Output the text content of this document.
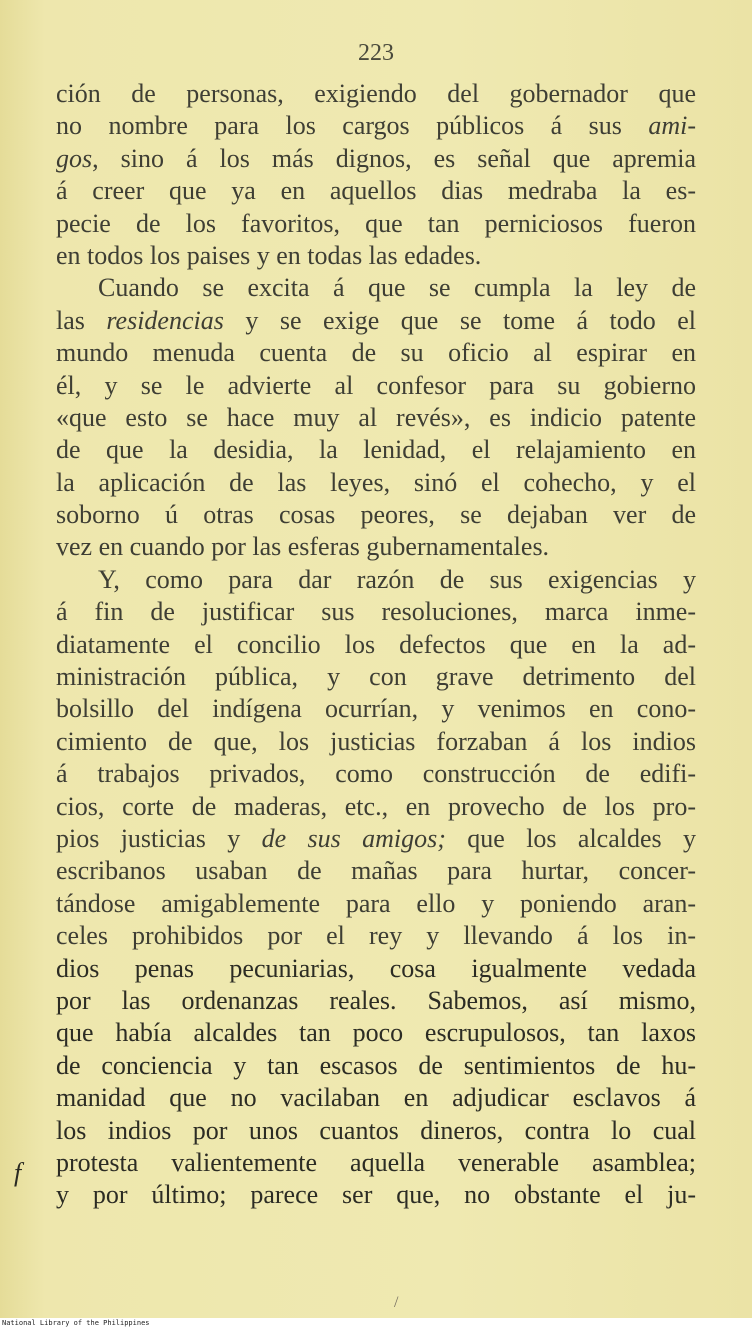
223
ción de personas, exigiendo del gobernador que
no nombre para los cargos públicos á sus ami-
gos, sino á los más dignos, es señal que apremia
á creer que ya en aquellos dias medraba la es-
pecie de los favoritos, que tan perniciosos fueron
en todos los paises y en todas las edades.
Cuando se excita á que se cumpla la ley de
las residencias y se exige que se tome á todo el
mundo menuda cuenta de su oficio al espirar en
él, y se le advierte al confesor para su gobierno
«que esto se hace muy al revés», es indicio patente
de que la desidia, la lenidad, el relajamiento en
la aplicación de las leyes, sinó el cohecho, y el
soborno ú otras cosas peores, se dejaban ver de
vez en cuando por las esferas gubernamentales.
Y, como para dar razón de sus exigencias y
á fin de justificar sus resoluciones, marca inme-
diatamente el concilio los defectos que en la ad-
ministración pública, y con grave detrimento del
bolsillo del indígena ocurrían, y venimos en cono-
cimiento de que, los justicias forzaban á los indios
á trabajos privados, como construcción de edifi-
cios, corte de maderas, etc., en provecho de los pro-
pios justicias y de sus amigos; que los alcaldes y
escribanos usaban de mañas para hurtar, concer-
tándose amigablemente para ello y poniendo aran-
celes prohibidos por el rey y llevando á los in-
dios penas pecuniarias, cosa igualmente vedada
por las ordenanzas reales. Sabemos, así mismo,
que había alcaldes tan poco escrupulosos, tan laxos
de conciencia y tan escasos de sentimientos de hu-
manidad que no vacilaban en adjudicar esclavos á
los indios por unos cuantos dineros, contra lo cual
protesta valientemente aquella venerable asamblea;
y por último; parece ser que, no obstante el ju-
f
/
National Library of the Philippines
